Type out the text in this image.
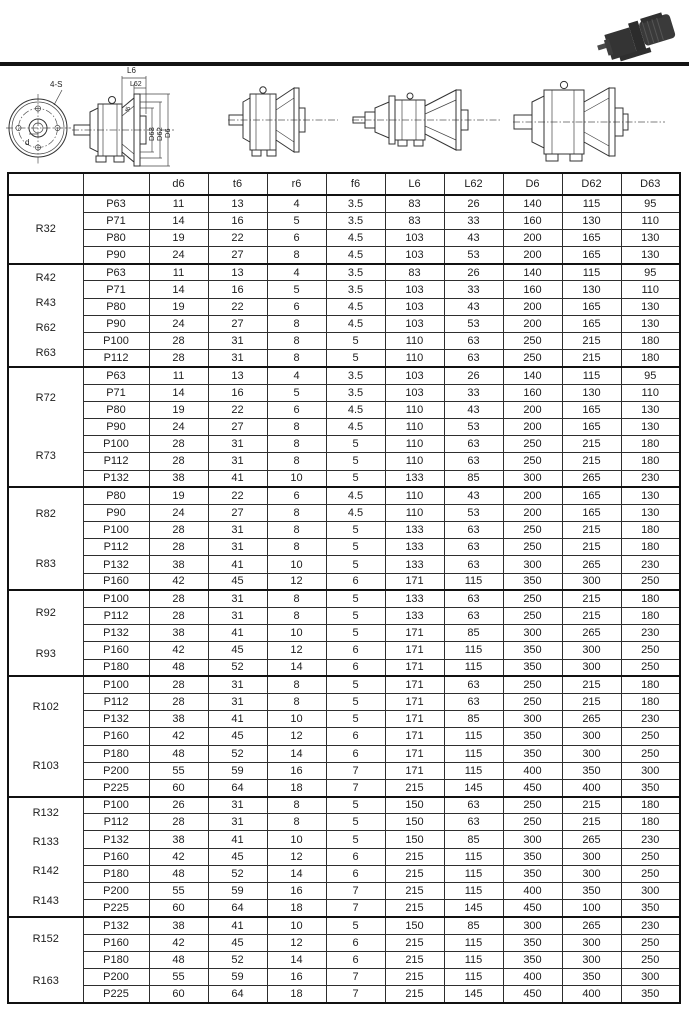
4-S
d
L6
L62
D63 D62 D6
f6
		d6	t6	r6	f6	L6	L62	D6	D62	D63

R32	P63	11	13	4	3.5	83	26	140	115	95
	P71	14	16	5	3.5	83	33	160	130	110
	P80	19	22	6	4.5	103	43	200	165	130
	P90	24	27	8	4.5	103	53	200	165	130

R42
R43
R62
R63	P63	11	13	4	3.5	83	26	140	115	95
	P71	14	16	5	3.5	103	33	160	130	110
	P80	19	22	6	4.5	103	43	200	165	130
	P90	24	27	8	4.5	103	53	200	165	130
	P100	28	31	8	5	110	63	250	215	180
	P112	28	31	8	5	110	63	250	215	180

R72
R73	P63	11	13	4	3.5	103	26	140	115	95
	P71	14	16	5	3.5	103	33	160	130	110
	P80	19	22	6	4.5	110	43	200	165	130
	P90	24	27	8	4.5	110	53	200	165	130
	P100	28	31	8	5	110	63	250	215	180
	P112	28	31	8	5	110	63	250	215	180
	P132	38	41	10	5	133	85	300	265	230

R82
R83	P80	19	22	6	4.5	110	43	200	165	130
	P90	24	27	8	4.5	110	53	200	165	130
	P100	28	31	8	5	133	63	250	215	180
	P112	28	31	8	5	133	63	250	215	180
	P132	38	41	10	5	133	63	300	265	230
	P160	42	45	12	6	171	115	350	300	250

R92
R93	P100	28	31	8	5	133	63	250	215	180
	P112	28	31	8	5	133	63	250	215	180
	P132	38	41	10	5	171	85	300	265	230
	P160	42	45	12	6	171	115	350	300	250
	P180	48	52	14	6	171	115	350	300	250

R102
R103	P100	28	31	8	5	171	63	250	215	180
	P112	28	31	8	5	171	63	250	215	180
	P132	38	41	10	5	171	85	300	265	230
	P160	42	45	12	6	171	115	350	300	250
	P180	48	52	14	6	171	115	350	300	250
	P200	55	59	16	7	171	115	400	350	300
	P225	60	64	18	7	215	145	450	400	350

R132
R133
R142
R143	P100	26	31	8	5	150	63	250	215	180
	P112	28	31	8	5	150	63	250	215	180
	P132	38	41	10	5	150	85	300	265	230
	P160	42	45	12	6	215	115	350	300	250
	P180	48	52	14	6	215	115	350	300	250
	P200	55	59	16	7	215	115	400	350	300
	P225	60	64	18	7	215	145	450	100	350

R152
R163	P132	38	41	10	5	150	85	300	265	230
	P160	42	45	12	6	215	115	350	300	250
	P180	48	52	14	6	215	115	350	300	250
	P200	55	59	16	7	215	115	400	350	300
	P225	60	64	18	7	215	145	450	400	350
